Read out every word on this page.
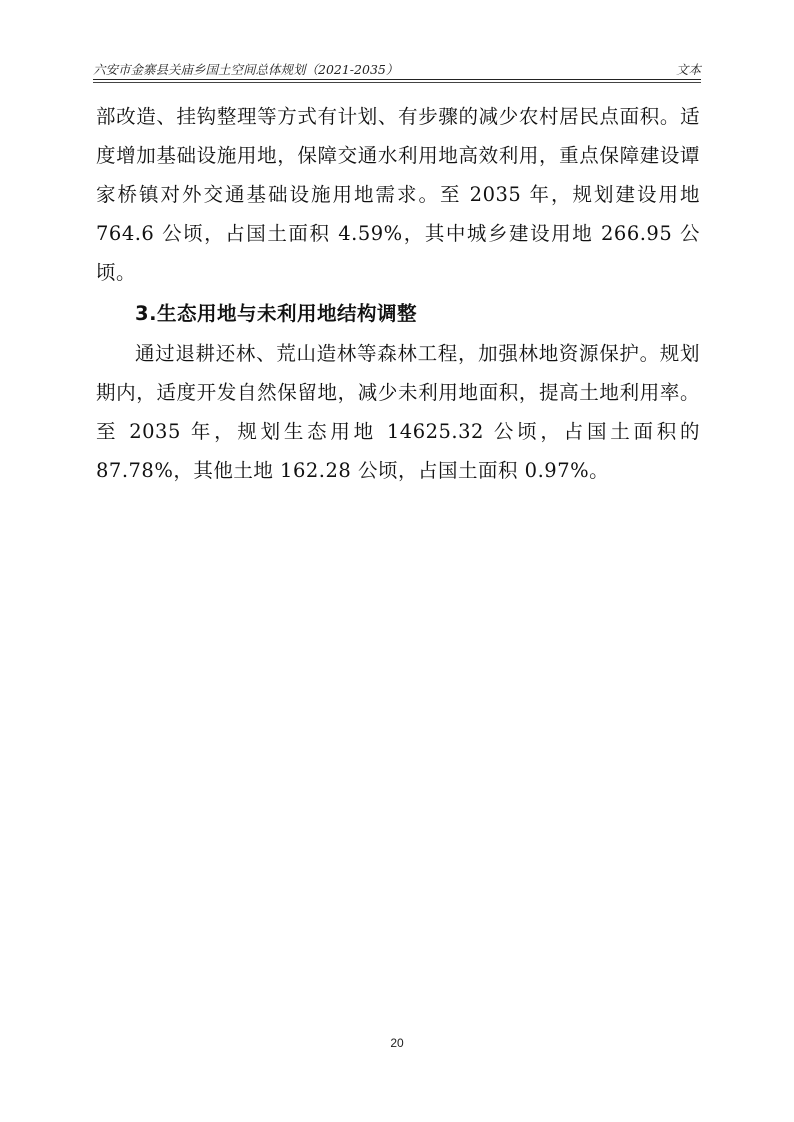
六安市金寨县关庙乡国土空间总体规划（2021-2035）	文本

部改造、挂钩整理等方式有计划、有步骤的减少农村居民点面积。适度增加基础设施用地，保障交通水利用地高效利用，重点保障建设谭家桥镇对外交通基础设施用地需求。至 2035 年，规划建设用地 764.6 公顷，占国土面积 4.59%，其中城乡建设用地 266.95 公顷。

3.生态用地与未利用地结构调整

通过退耕还林、荒山造林等森林工程，加强林地资源保护。规划期内，适度开发自然保留地，减少未利用地面积，提高土地利用率。至 2035 年，规划生态用地 14625.32 公顷，占国土面积的 87.78%，其他土地 162.28 公顷，占国土面积 0.97%。

20
